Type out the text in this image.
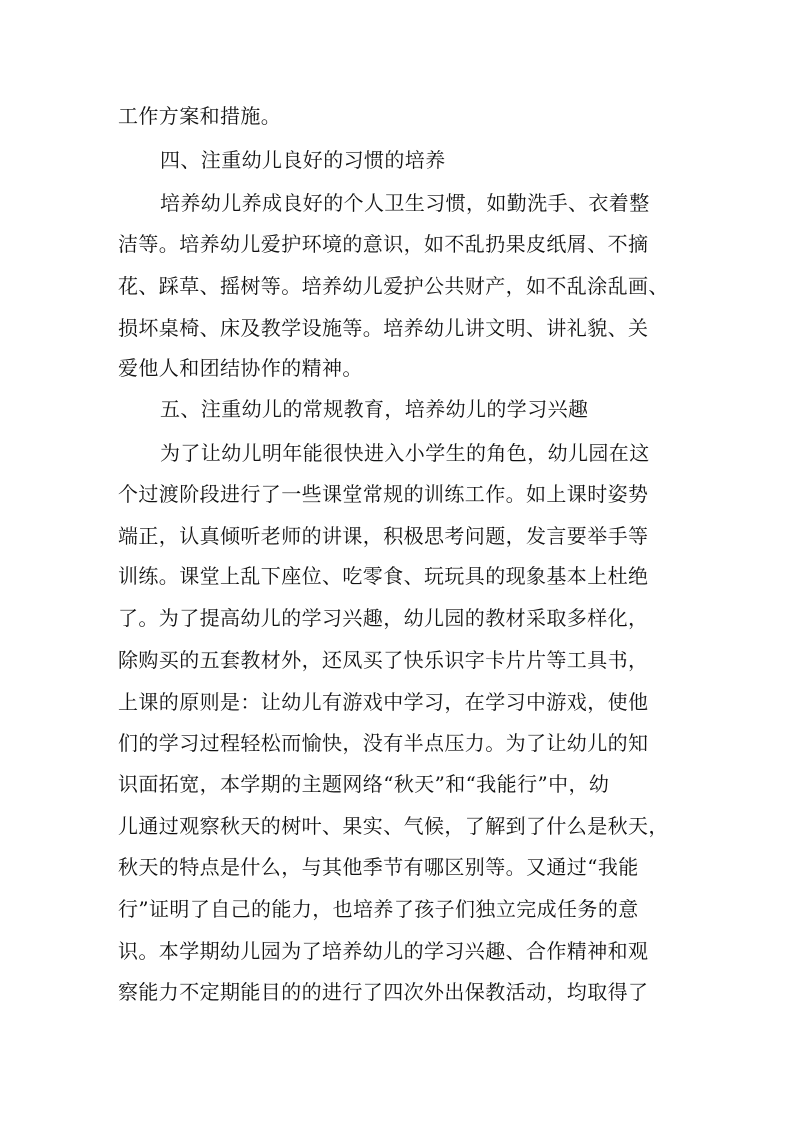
工作方案和措施。
四、注重幼儿良好的习惯的培养
培养幼儿养成良好的个人卫生习惯，如勤洗手、衣着整
洁等。培养幼儿爱护环境的意识，如不乱扔果皮纸屑、不摘
花、踩草、摇树等。培养幼儿爱护公共财产，如不乱涂乱画、
损坏桌椅、床及教学设施等。培养幼儿讲文明、讲礼貌、关
爱他人和团结协作的精神。
五、注重幼儿的常规教育，培养幼儿的学习兴趣
为了让幼儿明年能很快进入小学生的角色，幼儿园在这
个过渡阶段进行了一些课堂常规的训练工作。如上课时姿势
端正，认真倾听老师的讲课，积极思考问题，发言要举手等
训练。课堂上乱下座位、吃零食、玩玩具的现象基本上杜绝
了。为了提高幼儿的学习兴趣，幼儿园的教材采取多样化，
除购买的五套教材外，还凤买了快乐识字卡片片等工具书，
上课的原则是：让幼儿有游戏中学习，在学习中游戏，使他
们的学习过程轻松而愉快，没有半点压力。为了让幼儿的知
识面拓宽，本学期的主题网络“秋天”和“我能行”中，幼
儿通过观察秋天的树叶、果实、气候，了解到了什么是秋天，
秋天的特点是什么，与其他季节有哪区别等。又通过“我能
行”证明了自己的能力，也培养了孩子们独立完成任务的意
识。本学期幼儿园为了培养幼儿的学习兴趣、合作精神和观
察能力不定期能目的的进行了四次外出保教活动，均取得了
